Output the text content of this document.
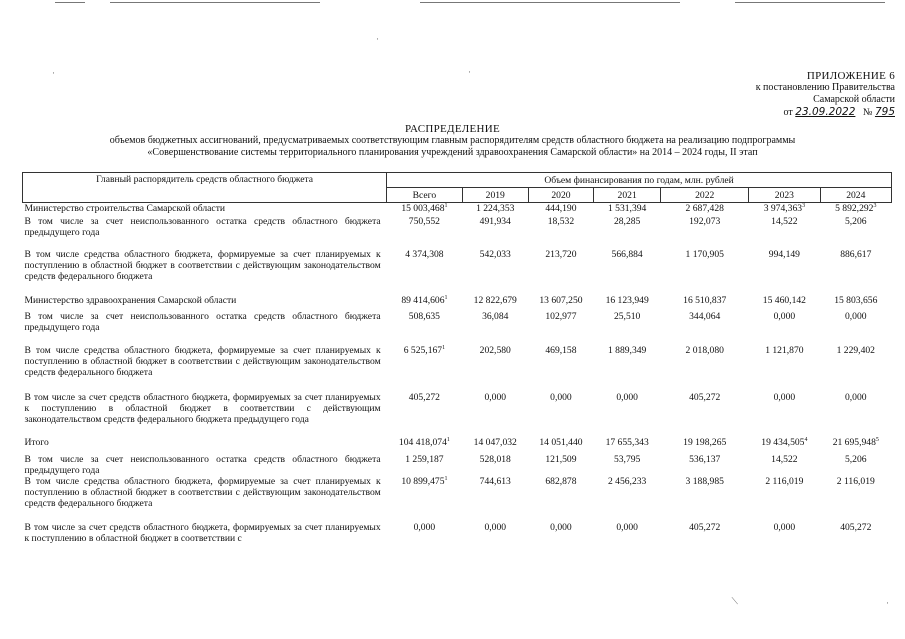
·
·	·
·
—
ПРИЛОЖЕНИЕ 6
к постановлению Правительства
Самарской области
от 23.09.2022 № 795
РАСПРЕДЕЛЕНИЕ
объемов бюджетных ассигнований, предусматриваемых соответствующим главным распорядителям средств областного бюджета на реализацию подпрограммы
«Совершенствование системы территориального планирования учреждений здравоохранения Самарской области» на 2014 – 2024 годы, II этап
Главный распорядитель средств областного бюджета	Объем финансирования по годам, млн. рублей						
	Всего	2019	2020	2021	2022	2023	2024
Министерство строительства Самарской области	15 003,468$^1$	1 224,353	444,190	1 531,394	2 687,428	3 974,363$^3$	5 892,292$^3$
В том числе за счет неиспользованного остатка средств областного бюджета предыдущего года	750,552	491,934	18,532	28,285	192,073	14,522	5,206
В том числе средства областного бюджета, формируемые за счет планируемых к поступлению в областной бюджет в соответствии с действующим законодательством средств федерального бюджета	4 374,308	542,033	213,720	566,884	1 170,905	994,149	886,617
Министерство здравоохранения Самарской области	89 414,606$^1$	12 822,679	13 607,250	16 123,949	16 510,837	15 460,142	15 803,656
В том числе за счет неиспользованного остатка средств областного бюджета предыдущего года	508,635	36,084	102,977	25,510	344,064	0,000	0,000
В том числе средства областного бюджета, формируемые за счет планируемых к поступлению в областной бюджет в соответствии с действующим законодательством средств федерального бюджета	6 525,167$^1$	202,580	469,158	1 889,349	2 018,080	1 121,870	1 229,402
В том числе за счет средств областного бюджета, формируемых за счет планируемых к поступлению в областной бюджет в соответствии с действующим законодательством средств федерального бюджета предыдущего года	405,272	0,000	0,000	0,000	405,272	0,000	0,000
Итого	104 418,074$^1$	14 047,032	14 051,440	17 655,343	19 198,265	19 434,505$^4$	21 695,948$^5$
В том числе за счет неиспользованного остатка средств областного бюджета предыдущего года	1 259,187	528,018	121,509	53,795	536,137	14,522	5,206
В том числе средства областного бюджета, формируемые за счет планируемых к поступлению в областной бюджет в соответствии с действующим законодательством средств федерального бюджета	10 899,475$^1$	744,613	682,878	2 456,233	3 188,985	2 116,019	2 116,019
В том числе за счет средств областного бюджета, формируемых за счет планируемых к поступлению в областной бюджет в соответствии с	0,000	0,000	0,000	0,000	405,272	0,000	405,272
